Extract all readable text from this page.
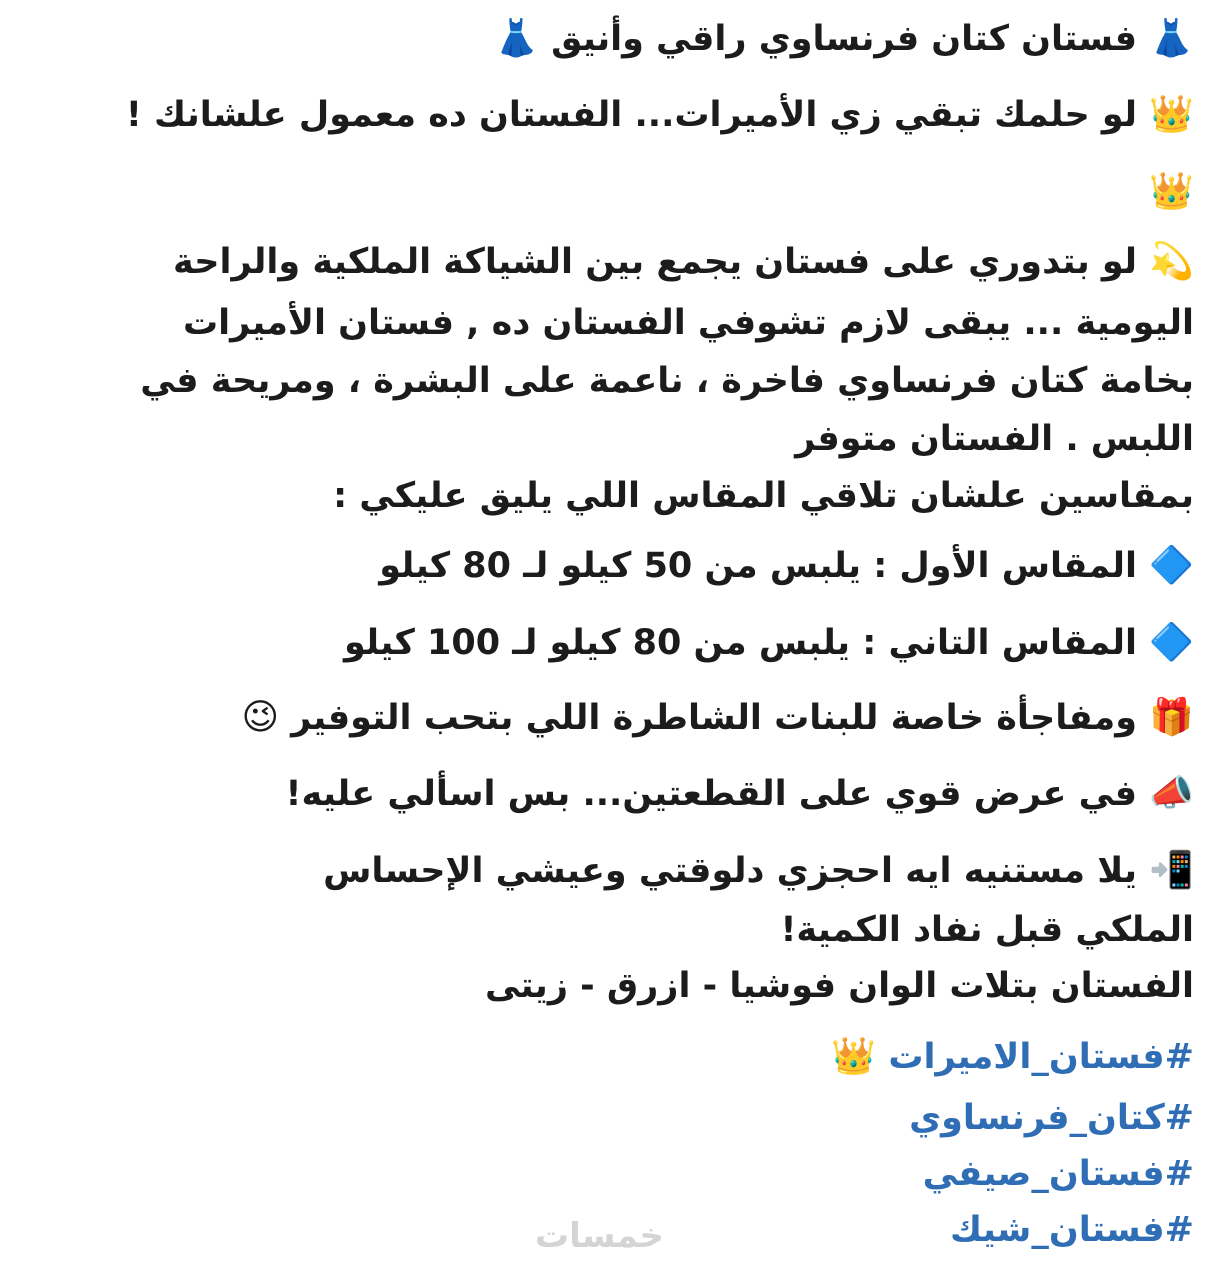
👗 فستان كتان فرنساوي راقي وأنيق 👗
👑 لو حلمك تبقي زي الأميرات... الفستان ده معمول علشانك !
👑
💫 لو بتدوري على فستان يجمع بين الشياكة الملكية والراحة
اليومية ... يبقى لازم تشوفي الفستان ده , فستان الأميرات
بخامة كتان فرنساوي فاخرة ، ناعمة على البشرة ، ومريحة في
اللبس . الفستان متوفر
بمقاسين علشان تلاقي المقاس اللي يليق عليكي :
🔷 المقاس الأول : يلبس من 50 كيلو لـ 80 كيلو
🔷 المقاس التاني : يلبس من 80 كيلو لـ 100 كيلو
🎁 ومفاجأة خاصة للبنات الشاطرة اللي بتحب التوفير 😉
📣 في عرض قوي على القطعتين... بس اسألي عليه!
📲 يلا مستنيه ايه احجزي دلوقتي وعيشي الإحساس
الملكي قبل نفاد الكمية!
الفستان بتلات الوان فوشيا - ازرق - زيتى
#فستان_الاميرات 👑
#كتان_فرنساوي
#فستان_صيفي
#فستان_شيك
خمسات
